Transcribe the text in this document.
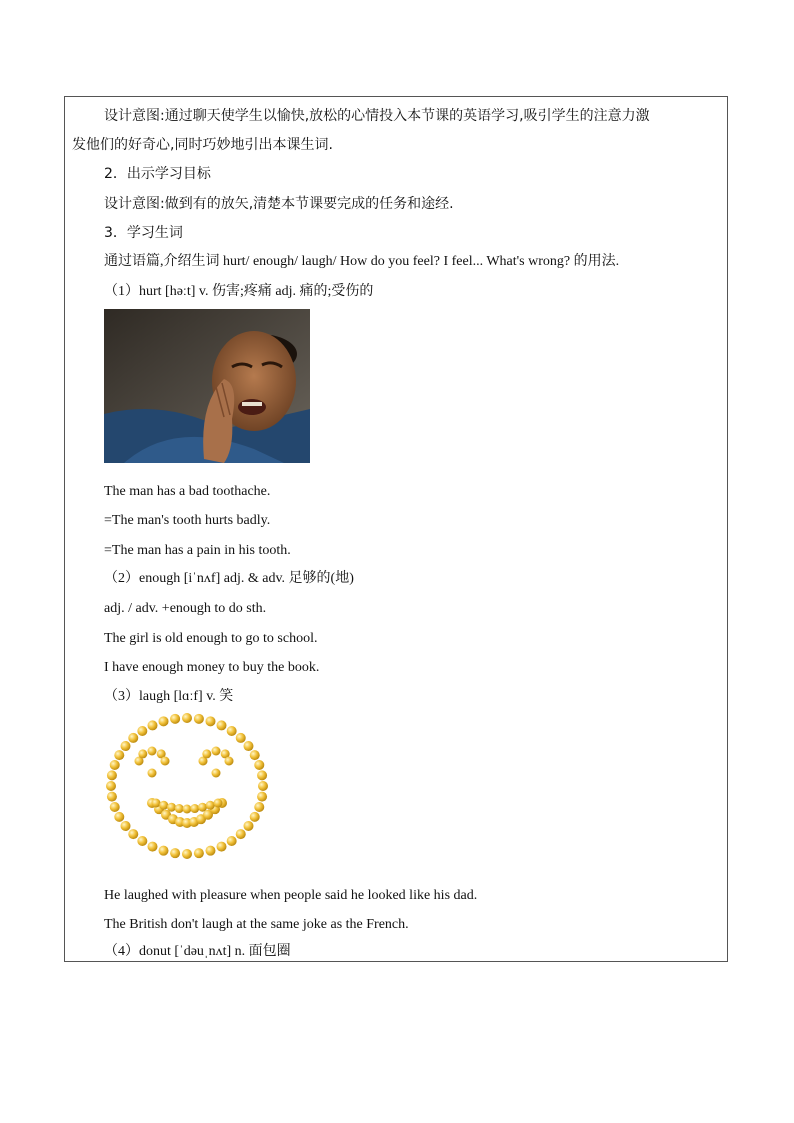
设计意图:通过聊天使学生以愉快,放松的心情投入本节课的英语学习,吸引学生的注意力激
发他们的好奇心,同时巧妙地引出本课生词.
2．出示学习目标
设计意图:做到有的放矢,清楚本节课要完成的任务和途经.
3．学习生词
通过语篇,介绍生词 hurt/ enough/ laugh/ How do you feel? I feel... What's wrong? 的用法.
（1）hurt [həːt] v. 伤害;疼痛 adj. 痛的;受伤的
The man has a bad toothache.
=The man's tooth hurts badly.
=The man has a pain in his tooth.
（2）enough [iˈnʌf] adj. & adv. 足够的(地)
adj. / adv. +enough to do sth.
The girl is old enough to go to school.
I have enough money to buy the book.
（3）laugh [lɑːf] v. 笑
He laughed with pleasure when people said he looked like his dad.
The British don't laugh at the same joke as the French.
（4）donut [ˈdəuˌnʌt] n. 面包圈
